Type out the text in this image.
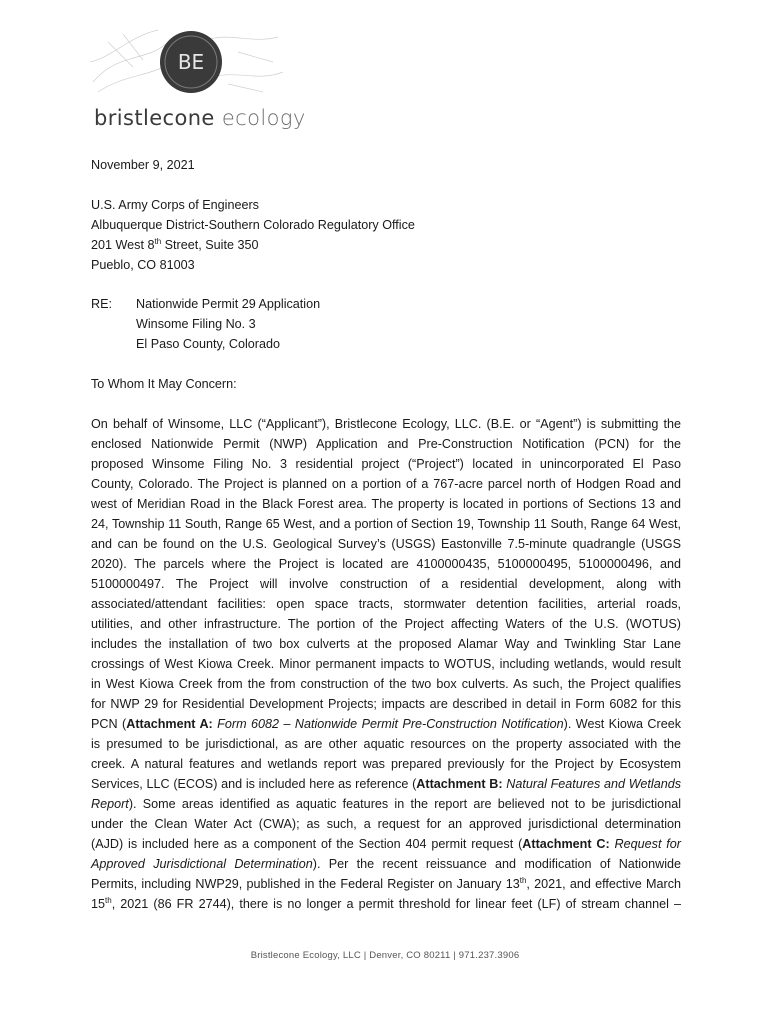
BE
bristlecone ecology
November 9, 2021
U.S. Army Corps of Engineers
Albuquerque District-Southern Colorado Regulatory Office
201 West 8th Street, Suite 350
Pueblo, CO 81003
RE: Nationwide Permit 29 Application
Winsome Filing No. 3
El Paso County, Colorado
To Whom It May Concern:
On behalf of Winsome, LLC (“Applicant”), Bristlecone Ecology, LLC. (B.E. or “Agent”) is submitting the
enclosed Nationwide Permit (NWP) Application and Pre-Construction Notification (PCN) for the
proposed Winsome Filing No. 3 residential project (“Project”) located in unincorporated El Paso
County, Colorado. The Project is planned on a portion of a 767-acre parcel north of Hodgen Road and
west of Meridian Road in the Black Forest area. The property is located in portions of Sections 13 and
24, Township 11 South, Range 65 West, and a portion of Section 19, Township 11 South, Range 64 West,
and can be found on the U.S. Geological Survey’s (USGS) Eastonville 7.5-minute quadrangle (USGS
2020). The parcels where the Project is located are 4100000435, 5100000495, 5100000496, and
5100000497. The Project will involve construction of a residential development, along with
associated/attendant facilities: open space tracts, stormwater detention facilities, arterial roads,
utilities, and other infrastructure. The portion of the Project affecting Waters of the U.S. (WOTUS)
includes the installation of two box culverts at the proposed Alamar Way and Twinkling Star Lane
crossings of West Kiowa Creek. Minor permanent impacts to WOTUS, including wetlands, would result
in West Kiowa Creek from the from construction of the two box culverts. As such, the Project qualifies
for NWP 29 for Residential Development Projects; impacts are described in detail in Form 6082 for this
PCN (Attachment A: Form 6082 – Nationwide Permit Pre-Construction Notification). West Kiowa Creek
is presumed to be jurisdictional, as are other aquatic resources on the property associated with the
creek. A natural features and wetlands report was prepared previously for the Project by Ecosystem
Services, LLC (ECOS) and is included here as reference (Attachment B: Natural Features and Wetlands
Report). Some areas identified as aquatic features in the report are believed not to be jurisdictional
under the Clean Water Act (CWA); as such, a request for an approved jurisdictional determination
(AJD) is included here as a component of the Section 404 permit request (Attachment C: Request for
Approved Jurisdictional Determination). Per the recent reissuance and modification of Nationwide
Permits, including NWP29, published in the Federal Register on January 13th, 2021, and effective March
15th, 2021 (86 FR 2744), there is no longer a permit threshold for linear feet (LF) of stream channel –
Bristlecone Ecology, LLC | Denver, CO 80211 | 971.237.3906
